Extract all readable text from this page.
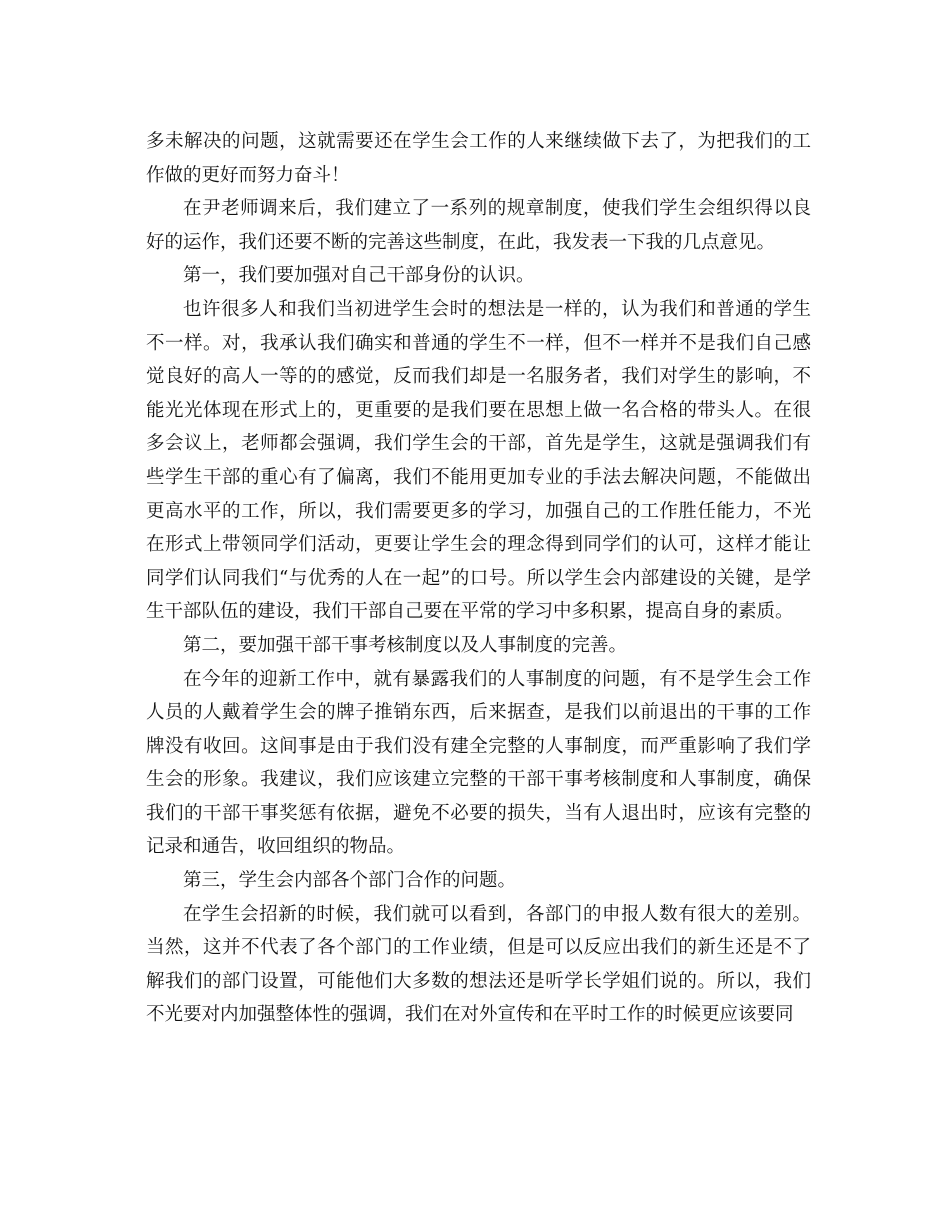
多未解决的问题，这就需要还在学生会工作的人来继续做下去了，为把我们的工作做的更好而努力奋斗！

在尹老师调来后，我们建立了一系列的规章制度，使我们学生会组织得以良好的运作，我们还要不断的完善这些制度，在此，我发表一下我的几点意见。

第一，我们要加强对自己干部身份的认识。

也许很多人和我们当初进学生会时的想法是一样的，认为我们和普通的学生不一样。对，我承认我们确实和普通的学生不一样，但不一样并不是我们自己感觉良好的高人一等的的感觉，反而我们却是一名服务者，我们对学生的影响，不能光光体现在形式上的，更重要的是我们要在思想上做一名合格的带头人。在很多会议上，老师都会强调，我们学生会的干部，首先是学生，这就是强调我们有些学生干部的重心有了偏离，我们不能用更加专业的手法去解决问题，不能做出更高水平的工作，所以，我们需要更多的学习，加强自己的工作胜任能力，不光在形式上带领同学们活动，更要让学生会的理念得到同学们的认可，这样才能让同学们认同我们“与优秀的人在一起”的口号。所以学生会内部建设的关键，是学生干部队伍的建设，我们干部自己要在平常的学习中多积累，提高自身的素质。

第二，要加强干部干事考核制度以及人事制度的完善。

在今年的迎新工作中，就有暴露我们的人事制度的问题，有不是学生会工作人员的人戴着学生会的牌子推销东西，后来据查，是我们以前退出的干事的工作牌没有收回。这间事是由于我们没有建全完整的人事制度，而严重影响了我们学生会的形象。我建议，我们应该建立完整的干部干事考核制度和人事制度，确保我们的干部干事奖惩有依据，避免不必要的损失，当有人退出时，应该有完整的记录和通告，收回组织的物品。

第三，学生会内部各个部门合作的问题。

在学生会招新的时候，我们就可以看到，各部门的申报人数有很大的差别。当然，这并不代表了各个部门的工作业绩，但是可以反应出我们的新生还是不了解我们的部门设置，可能他们大多数的想法还是听学长学姐们说的。所以，我们不光要对内加强整体性的强调，我们在对外宣传和在平时工作的时候更应该要同
